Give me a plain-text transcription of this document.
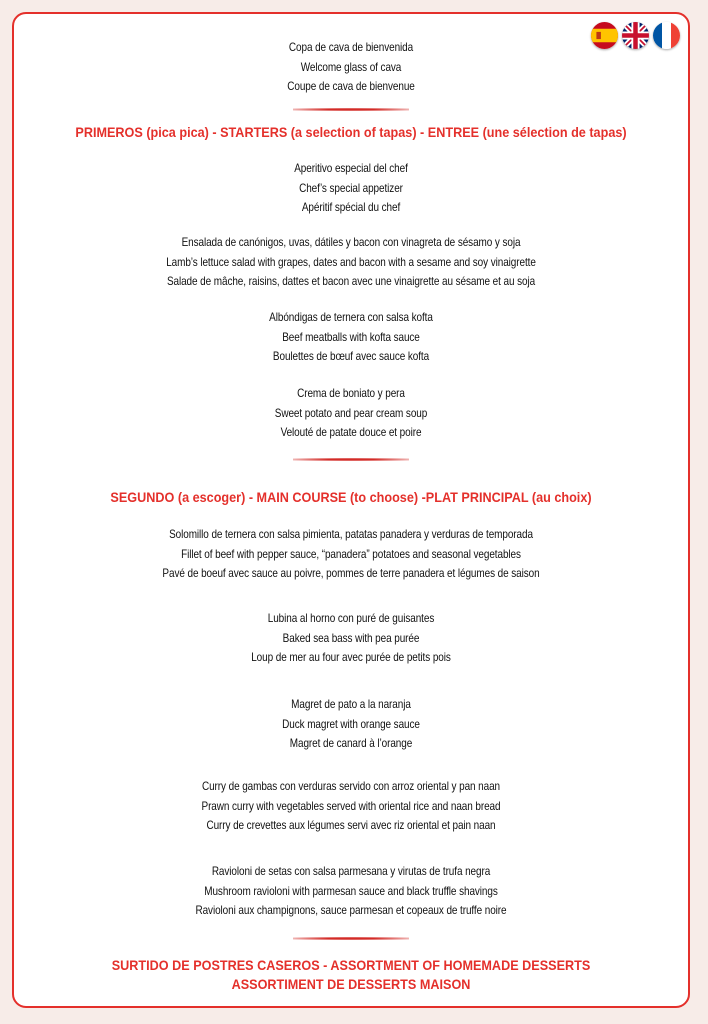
Copa de cava de bienvenida
Welcome glass of cava
Coupe de cava de bienvenue
PRIMEROS (pica pica) - STARTERS (a selection of tapas) - ENTREE (une sélection de tapas)
Aperitivo especial del chef
Chef’s special appetizer
Apéritif spécial du chef
Ensalada de canónigos, uvas, dátiles y bacon con vinagreta de sésamo y soja
Lamb’s lettuce salad with grapes, dates and bacon with a sesame and soy vinaigrette
Salade de mâche, raisins, dattes et bacon avec une vinaigrette au sésame et au soja
Albóndigas de ternera con salsa kofta
Beef meatballs with kofta sauce
Boulettes de bœuf avec sauce kofta
Crema de boniato y pera
Sweet potato and pear cream soup
Velouté de patate douce et poire
SEGUNDO (a escoger) - MAIN COURSE (to choose) -PLAT PRINCIPAL (au choix)
Solomillo de ternera con salsa pimienta, patatas panadera y verduras de temporada
Fillet of beef with pepper sauce, “panadera” potatoes and seasonal vegetables
Pavé de boeuf avec sauce au poivre, pommes de terre panadera et légumes de saison
Lubina al horno con puré de guisantes
Baked sea bass with pea purée
Loup de mer au four avec purée de petits pois
Magret de pato a la naranja
Duck magret with orange sauce
Magret de canard à l’orange
Curry de gambas con verduras servido con arroz oriental y pan naan
Prawn curry with vegetables served with oriental rice and naan bread
Curry de crevettes aux légumes servi avec riz oriental et pain naan
Ravioloni de setas con salsa parmesana y virutas de trufa negra
Mushroom ravioloni with parmesan sauce and black truffle shavings
Ravioloni aux champignons, sauce parmesan et copeaux de truffe noire
SURTIDO DE POSTRES CASEROS - ASSORTMENT OF HOMEMADE DESSERTS
ASSORTIMENT DE DESSERTS MAISON
